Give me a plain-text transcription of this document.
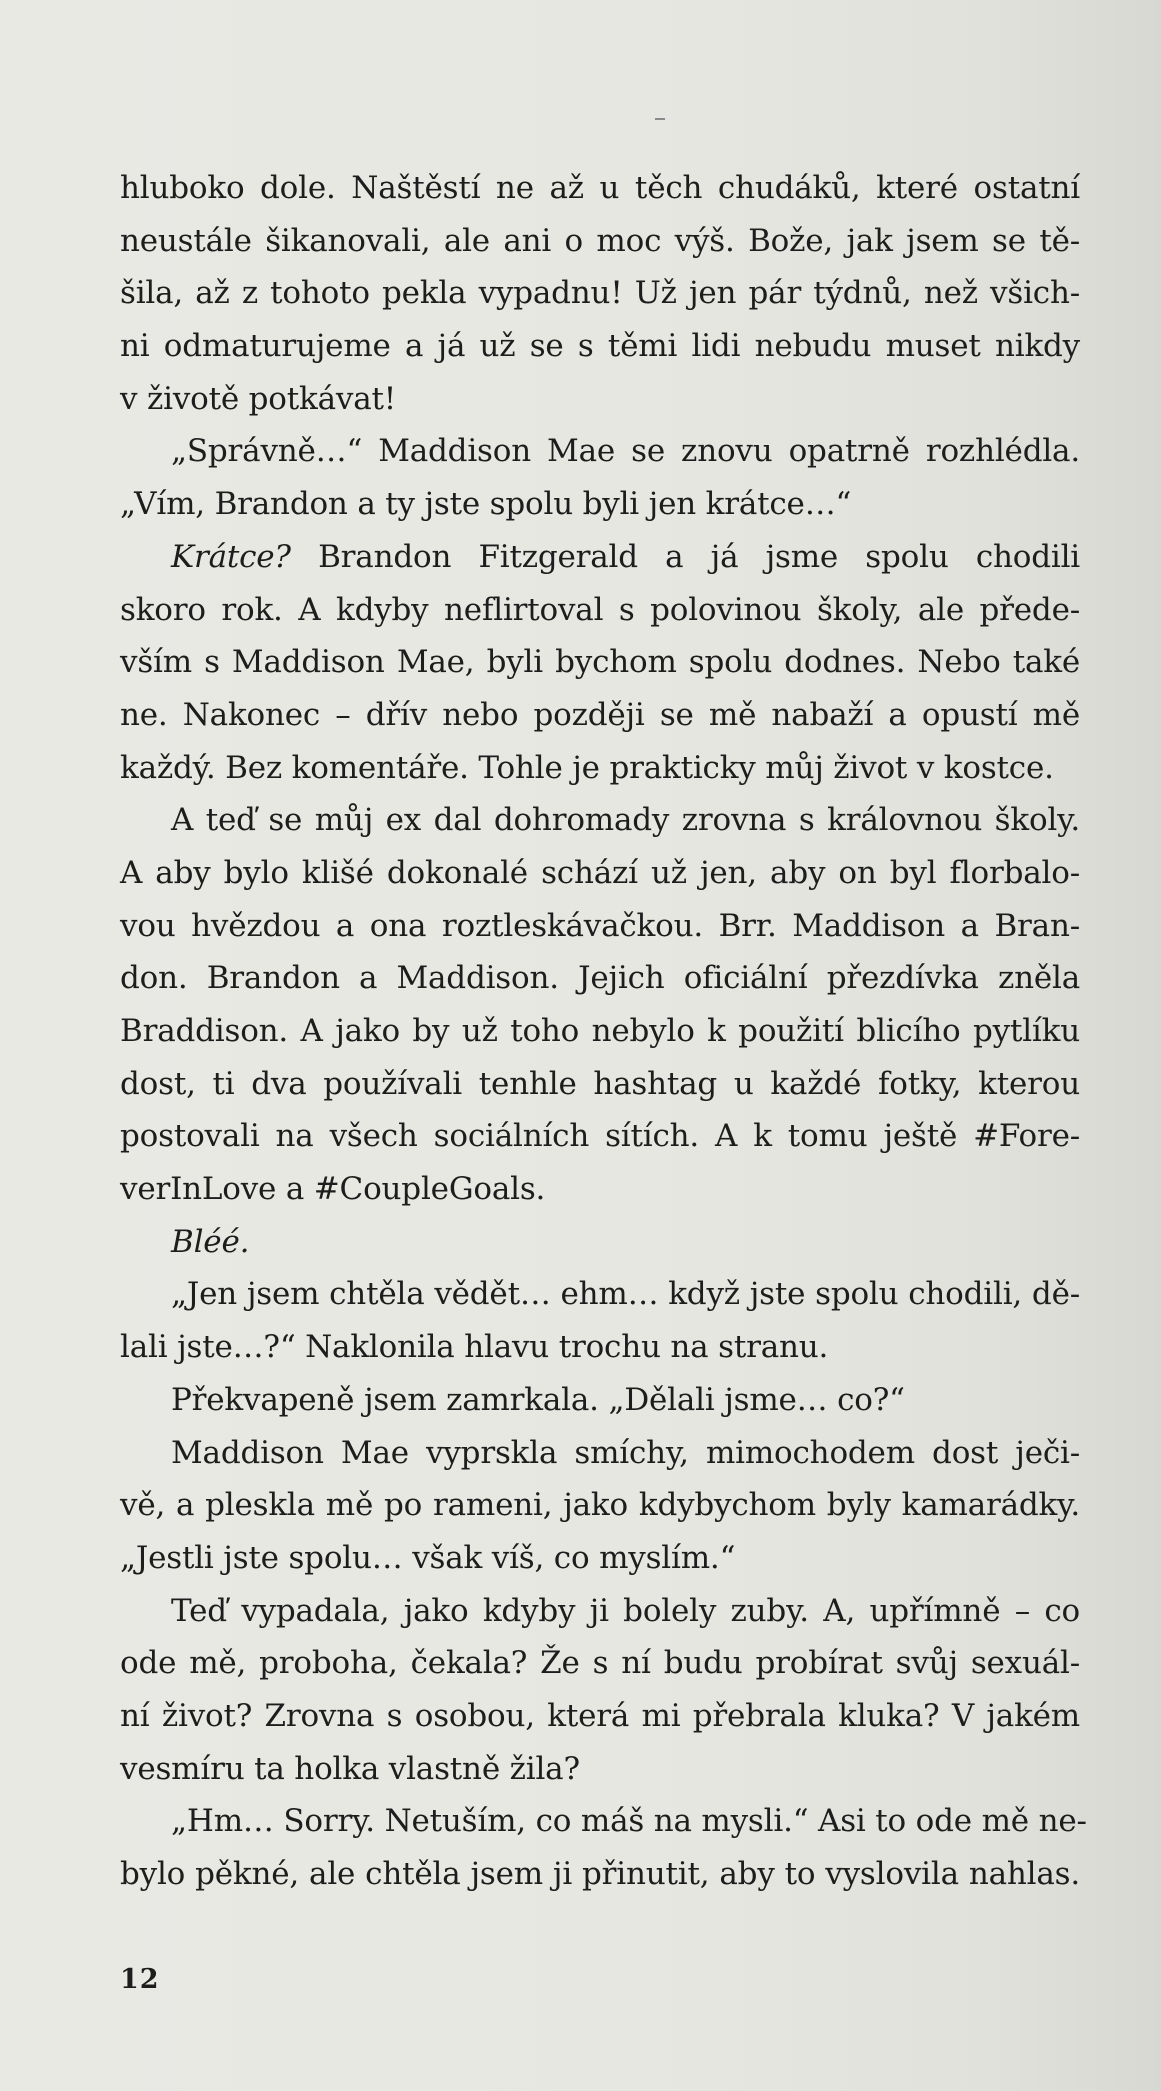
hluboko dole. Naštěstí ne až u těch chudáků, které ostatní
neustále šikanovali, ale ani o moc výš. Bože, jak jsem se tě-
šila, až z tohoto pekla vypadnu! Už jen pár týdnů, než všich-
ni odmaturujeme a já už se s těmi lidi nebudu muset nikdy
v životě potkávat!
„Správně…“ Maddison Mae se znovu opatrně rozhlédla.
„Vím, Brandon a ty jste spolu byli jen krátce…“
Krátce? Brandon Fitzgerald a já jsme spolu chodili
skoro rok. A kdyby neflirtoval s polovinou školy, ale přede-
vším s Maddison Mae, byli bychom spolu dodnes. Nebo také
ne. Nakonec – dřív nebo později se mě nabaží a opustí mě
každý. Bez komentáře. Tohle je prakticky můj život v kostce.
A teď se můj ex dal dohromady zrovna s královnou školy.
A aby bylo klišé dokonalé schází už jen, aby on byl florbalo-
vou hvězdou a ona roztleskávačkou. Brr. Maddison a Bran-
don. Brandon a Maddison. Jejich oficiální přezdívka zněla
Braddison. A jako by už toho nebylo k použití blicího pytlíku
dost, ti dva používali tenhle hashtag u každé fotky, kterou
postovali na všech sociálních sítích. A k tomu ještě #Fore-
verInLove a #CoupleGoals.
Bléé.
„Jen jsem chtěla vědět… ehm… když jste spolu chodili, dě-
lali jste…?“ Naklonila hlavu trochu na stranu.
Překvapeně jsem zamrkala. „Dělali jsme… co?“
Maddison Mae vyprskla smíchy, mimochodem dost ječi-
vě, a pleskla mě po rameni, jako kdybychom byly kamarádky.
„Jestli jste spolu… však víš, co myslím.“
Teď vypadala, jako kdyby ji bolely zuby. A, upřímně – co
ode mě, proboha, čekala? Že s ní budu probírat svůj sexuál-
ní život? Zrovna s osobou, která mi přebrala kluka? V jakém
vesmíru ta holka vlastně žila?
„Hm… Sorry. Netuším, co máš na mysli.“ Asi to ode mě ne-
bylo pěkné, ale chtěla jsem ji přinutit, aby to vyslovila nahlas.
12
